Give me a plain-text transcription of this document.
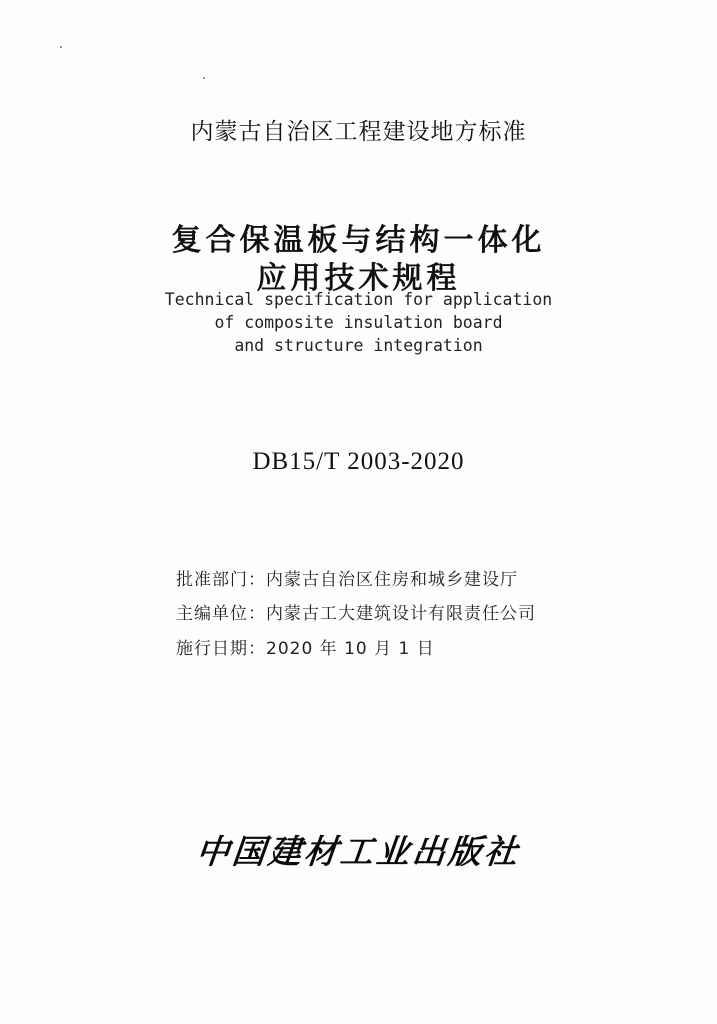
内蒙古自治区工程建设地方标准
复合保温板与结构一体化
应用技术规程
Technical specification for application
of composite insulation board
and structure integration
DB15/T 2003-2020
批准部门：内蒙古自治区住房和城乡建设厅
主编单位：内蒙古工大建筑设计有限责任公司
施行日期：2020 年 10 月 1 日
中国建材工业出版社
